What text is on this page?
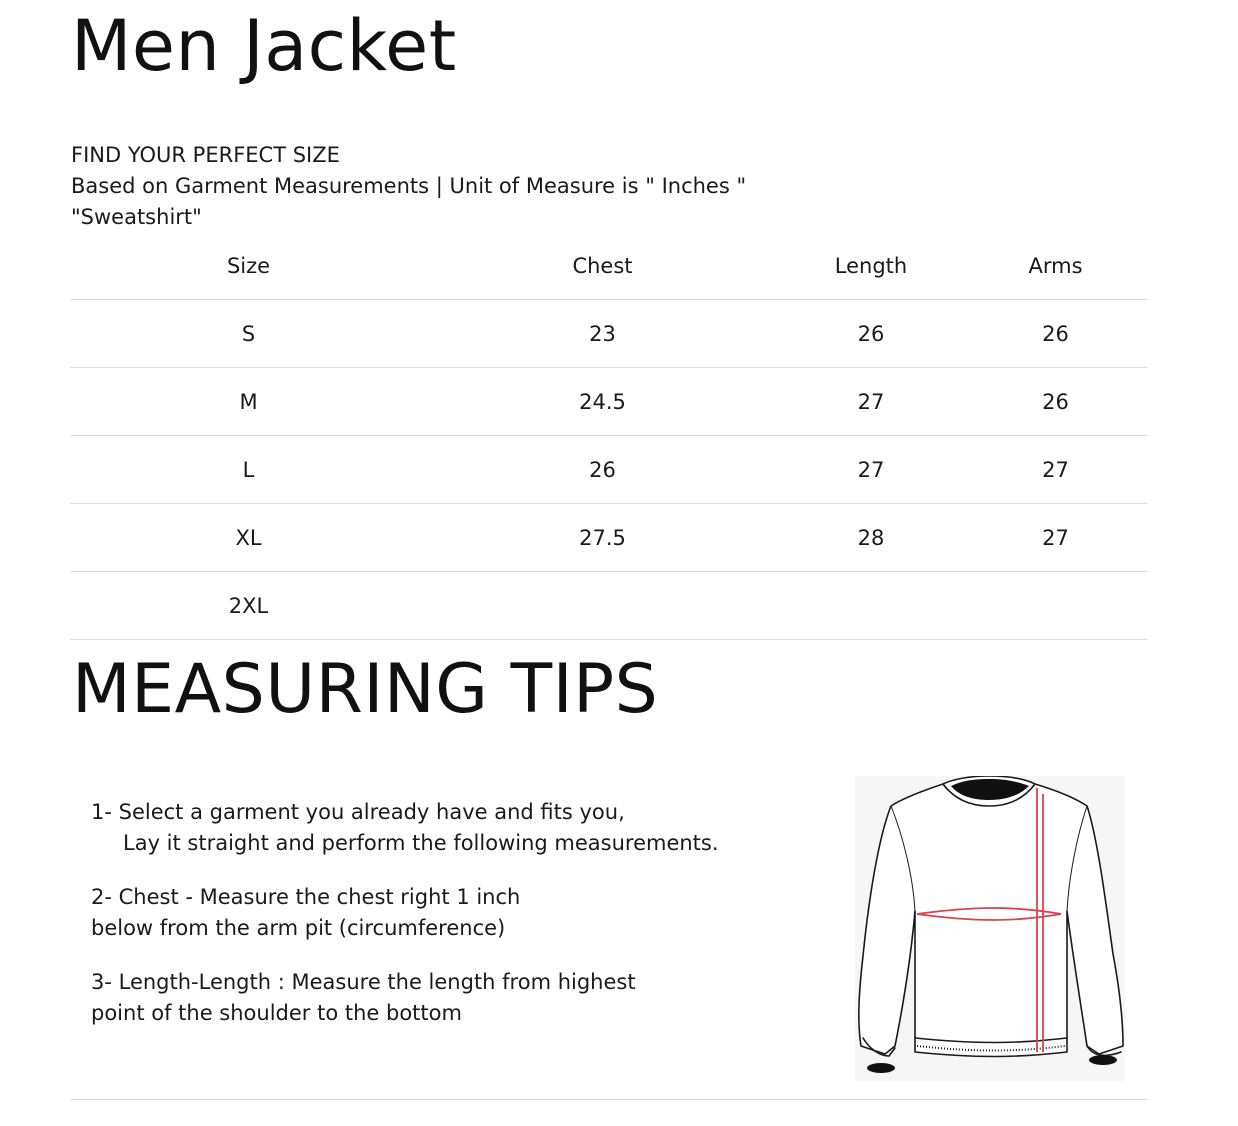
Men Jacket
FIND YOUR PERFECT SIZE
Based on Garment Measurements | Unit of Measure is " Inches "
"Sweatshirt"
Size	Chest	Length	Arms
S	23	26	26
M	24.5	27	26
L	26	27	27
XL	27.5	28	27
2XL			
MEASURING TIPS
1- Select a garment you already have and fits you,
Lay it straight and perform the following measurements.
2- Chest - Measure the chest right 1 inch
below from the arm pit (circumference)
3- Length-Length : Measure the length from highest
point of the shoulder to the bottom
